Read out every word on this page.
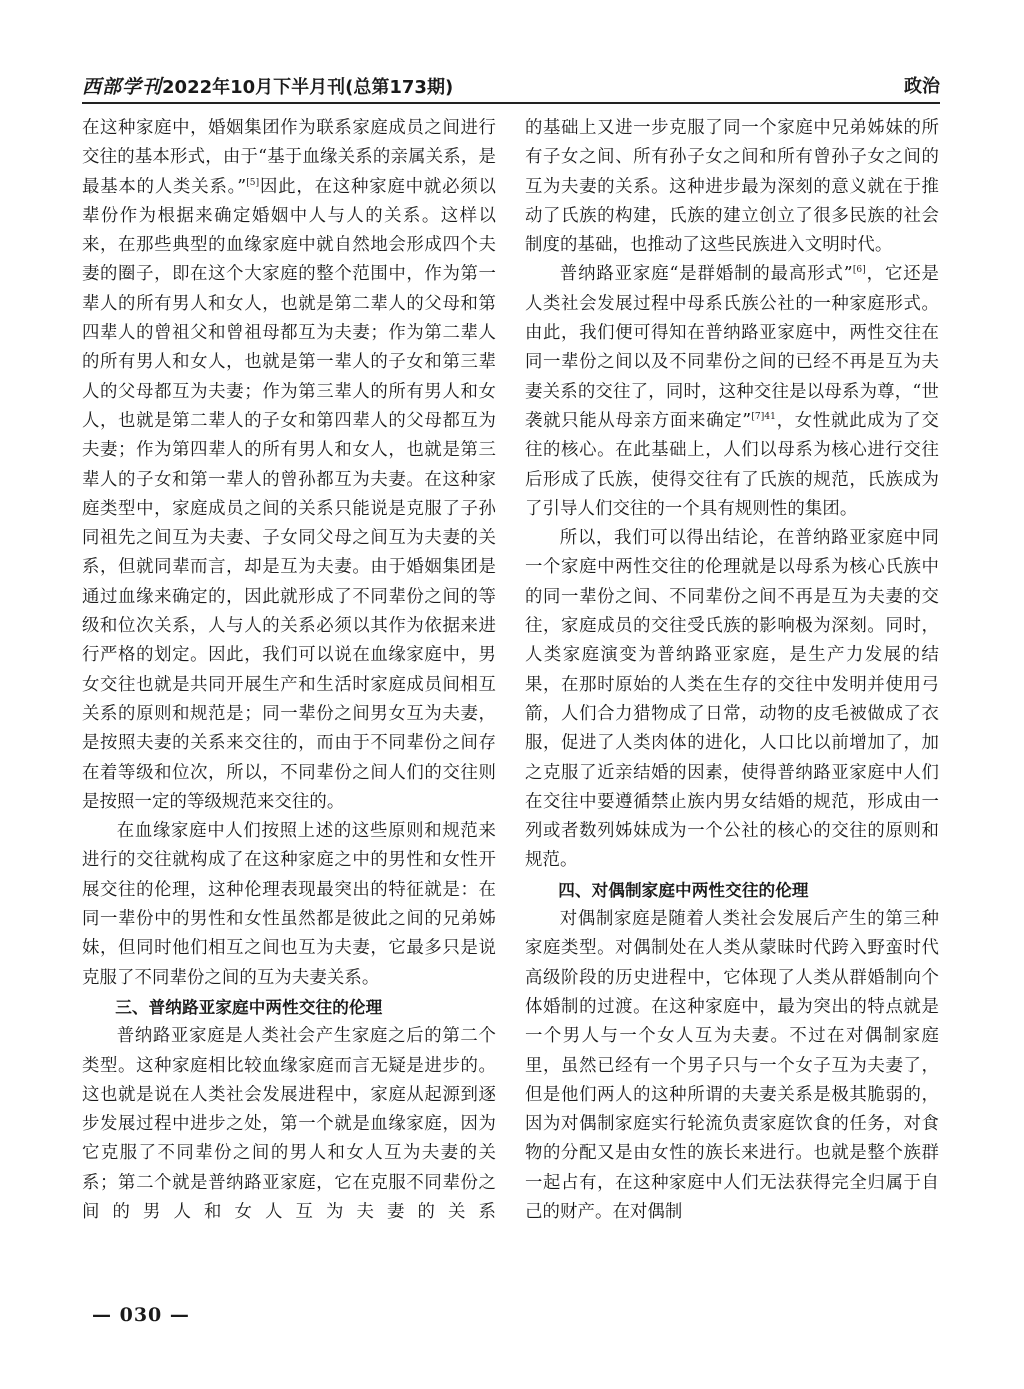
西部学刊2022年10月下半月刊(总第173期)	政治

在这种家庭中，婚姻集团作为联系家庭成员之间进行交往的基本形式，由于“基于血缘关系的亲属关系，是最基本的人类关系。”[5]因此，在这种家庭中就必须以辈份作为根据来确定婚姻中人与人的关系。这样以来，在那些典型的血缘家庭中就自然地会形成四个夫妻的圈子，即在这个大家庭的整个范围中，作为第一辈人的所有男人和女人，也就是第二辈人的父母和第四辈人的曾祖父和曾祖母都互为夫妻；作为第二辈人的所有男人和女人，也就是第一辈人的子女和第三辈人的父母都互为夫妻；作为第三辈人的所有男人和女人，也就是第二辈人的子女和第四辈人的父母都互为夫妻；作为第四辈人的所有男人和女人，也就是第三辈人的子女和第一辈人的曾孙都互为夫妻。在这种家庭类型中，家庭成员之间的关系只能说是克服了子孙同祖先之间互为夫妻、子女同父母之间互为夫妻的关系，但就同辈而言，却是互为夫妻。由于婚姻集团是通过血缘来确定的，因此就形成了不同辈份之间的等级和位次关系，人与人的关系必须以其作为依据来进行严格的划定。因此，我们可以说在血缘家庭中，男女交往也就是共同开展生产和生活时家庭成员间相互关系的原则和规范是；同一辈份之间男女互为夫妻，是按照夫妻的关系来交往的，而由于不同辈份之间存在着等级和位次，所以，不同辈份之间人们的交往则是按照一定的等级规范来交往的。

在血缘家庭中人们按照上述的这些原则和规范来进行的交往就构成了在这种家庭之中的男性和女性开展交往的伦理，这种伦理表现最突出的特征就是：在同一辈份中的男性和女性虽然都是彼此之间的兄弟姊妹，但同时他们相互之间也互为夫妻，它最多只是说克服了不同辈份之间的互为夫妻关系。

三、普纳路亚家庭中两性交往的伦理

普纳路亚家庭是人类社会产生家庭之后的第二个类型。这种家庭相比较血缘家庭而言无疑是进步的。这也就是说在人类社会发展进程中，家庭从起源到逐步发展过程中进步之处，第一个就是血缘家庭，因为它克服了不同辈份之间的男人和女人互为夫妻的关系；第二个就是普纳路亚家庭，它在克服不同辈份之间的男人和女人互为夫妻的关系

的基础上又进一步克服了同一个家庭中兄弟姊妹的所有子女之间、所有孙子女之间和所有曾孙子女之间的互为夫妻的关系。这种进步最为深刻的意义就在于推动了氏族的构建，氏族的建立创立了很多民族的社会制度的基础，也推动了这些民族进入文明时代。

普纳路亚家庭“是群婚制的最高形式”[6]，它还是人类社会发展过程中母系氏族公社的一种家庭形式。由此，我们便可得知在普纳路亚家庭中，两性交往在同一辈份之间以及不同辈份之间的已经不再是互为夫妻关系的交往了，同时，这种交往是以母系为尊，“世袭就只能从母亲方面来确定”$^{[7]41}$，女性就此成为了交往的核心。在此基础上，人们以母系为核心进行交往后形成了氏族，使得交往有了氏族的规范，氏族成为了引导人们交往的一个具有规则性的集团。

所以，我们可以得出结论，在普纳路亚家庭中同一个家庭中两性交往的伦理就是以母系为核心氏族中的同一辈份之间、不同辈份之间不再是互为夫妻的交往，家庭成员的交往受氏族的影响极为深刻。同时，人类家庭演变为普纳路亚家庭，是生产力发展的结果，在那时原始的人类在生存的交往中发明并使用弓箭，人们合力猎物成了日常，动物的皮毛被做成了衣服，促进了人类肉体的进化，人口比以前增加了，加之克服了近亲结婚的因素，使得普纳路亚家庭中人们在交往中要遵循禁止族内男女结婚的规范，形成由一列或者数列姊妹成为一个公社的核心的交往的原则和规范。

四、对偶制家庭中两性交往的伦理

对偶制家庭是随着人类社会发展后产生的第三种家庭类型。对偶制处在人类从蒙昧时代跨入野蛮时代高级阶段的历史进程中，它体现了人类从群婚制向个体婚制的过渡。在这种家庭中，最为突出的特点就是一个男人与一个女人互为夫妻。不过在对偶制家庭里，虽然已经有一个男子只与一个女子互为夫妻了，但是他们两人的这种所谓的夫妻关系是极其脆弱的，因为对偶制家庭实行轮流负责家庭饮食的任务，对食物的分配又是由女性的族长来进行。也就是整个族群一起占有，在这种家庭中人们无法获得完全归属于自己的财产。在对偶制

— 030 —
